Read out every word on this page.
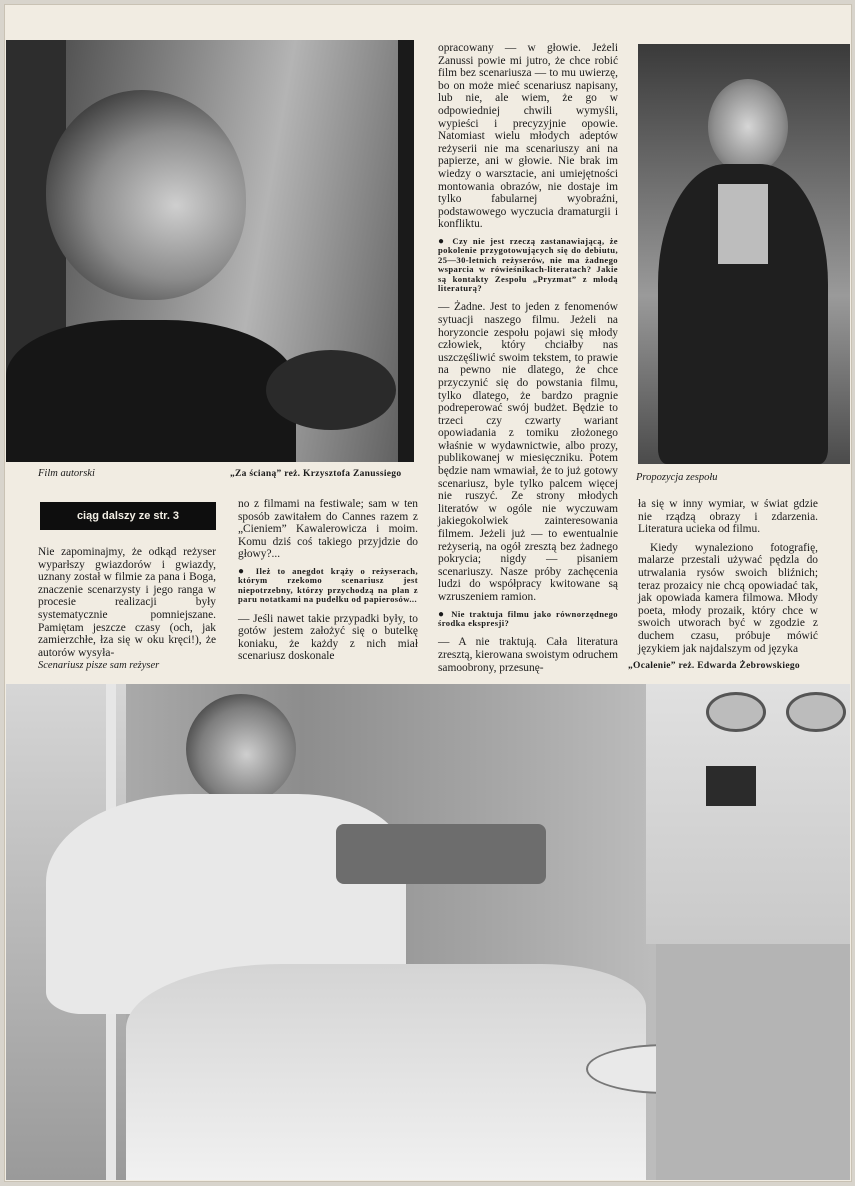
Film autorski	„Za ścianą” reż. Krzysztofa Zanussiego	Propozycja zespołu
ciąg dalszy ze str. 3

Nie zapominajmy, że odkąd reżyser wyparłszy gwiazdorów i gwiazdy, uznany został w filmie za pana i Boga, znaczenie scenarzysty i jego ranga w procesie realizacji były systematycznie pomniejszane. Pamiętam jeszcze czasy (och, jak zamierzchłe, łza się w oku kręci!), że autorów wysyła-

no z filmami na festiwale; sam w ten sposób zawitałem do Cannes razem z „Cieniem” Kawalerowicza i moim. Komu dziś coś takiego przyjdzie do głowy?...

● Ileż to anegdot krąży o reżyserach, którym rzekomo scenariusz jest niepotrzebny, którzy przychodzą na plan z paru notatkami na pudełku od papierosów...

— Jeśli nawet takie przypadki były, to gotów jestem założyć się o butelkę koniaku, że każdy z nich miał scenariusz doskonale

opracowany — w głowie. Jeżeli Zanussi powie mi jutro, że chce robić film bez scenariusza — to mu uwierzę, bo on może mieć scenariusz napisany, lub nie, ale wiem, że go w odpowiedniej chwili wymyśli, wypieści i precyzyjnie opowie. Natomiast wielu młodych adeptów reżyserii nie ma scenariuszy ani na papierze, ani w głowie. Nie brak im wiedzy o warsztacie, ani umiejętności montowania obrazów, nie dostaje im tylko fabularnej wyobraźni, podstawowego wyczucia dramaturgii i konfliktu.

● Czy nie jest rzeczą zastanawiającą, że pokolenie przygotowujących się do debiutu, 25—30-letnich reżyserów, nie ma żadnego wsparcia w rówieśnikach-literatach? Jakie są kontakty Zespołu „Pryzmat” z młodą literaturą?

— Żadne. Jest to jeden z fenomenów sytuacji naszego filmu. Jeżeli na horyzoncie zespołu pojawi się młody człowiek, który chciałby nas uszczęśliwić swoim tekstem, to prawie na pewno nie dlatego, że chce przyczynić się do powstania filmu, tylko dlatego, że bardzo pragnie podreperować swój budżet. Będzie to trzeci czy czwarty wariant opowiadania z tomiku złożonego właśnie w wydawnictwie, albo prozy, publikowanej w miesięczniku. Potem będzie nam wmawiał, że to już gotowy scenariusz, byle tylko palcem więcej nie ruszyć. Ze strony młodych literatów w ogóle nie wyczuwam jakiegokolwiek zainteresowania filmem. Jeżeli już — to ewentualnie reżyserią, na ogół zresztą bez żadnego pokrycia; nigdy — pisaniem scenariuszy. Nasze próby zachęcenia ludzi do współpracy kwitowane są wzruszeniem ramion.

● Nie traktuja filmu jako równorzędnego środka ekspresji?

— A nie traktują. Cała literatura zresztą, kierowana swoistym odruchem samoobrony, przesunę-

ła się w inny wymiar, w świat gdzie nie rządzą obrazy i zdarzenia. Literatura ucieka od filmu.

Kiedy wynaleziono fotografię, malarze przestali używać pędzla do utrwalania rysów swoich bliźnich; teraz prozaicy nie chcą opowiadać tak, jak opowiada kamera filmowa. Młody poeta, młody prozaik, który chce w swoich utworach być w zgodzie z duchem czasu, próbuje mówić językiem jak najdalszym od języka

Scenariusz pisze sam reżyser	„Ocalenie” reż. Edwarda Żebrowskiego
